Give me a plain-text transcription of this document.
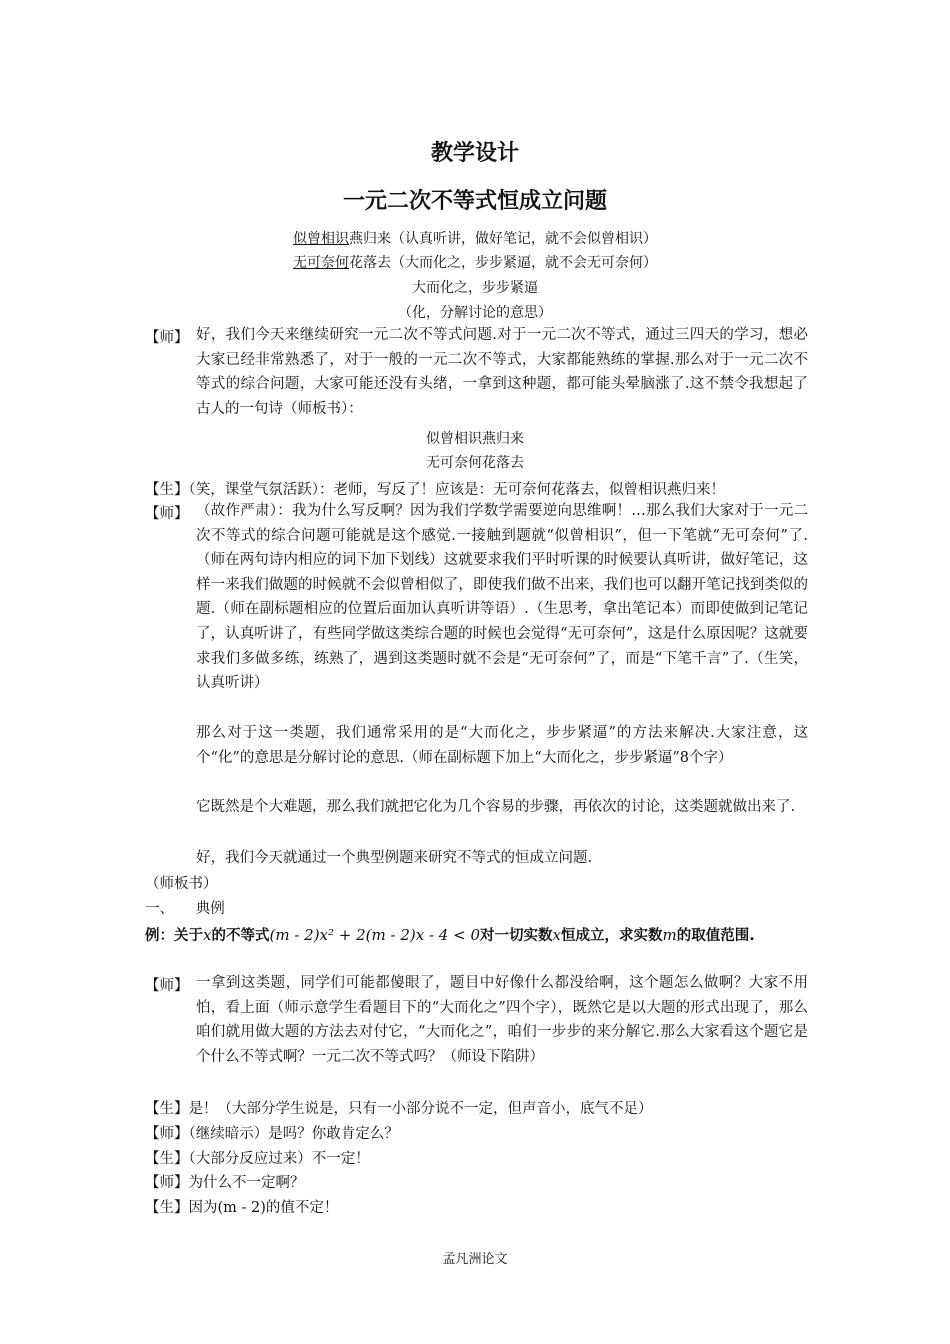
教学设计
一元二次不等式恒成立问题
似曾相识燕归来（认真听讲，做好笔记，就不会似曾相识）
无可奈何花落去（大而化之，步步紧逼，就不会无可奈何）
大而化之，步步紧逼
（化，分解讨论的意思）
【师】 好，我们今天来继续研究一元二次不等式问题.对于一元二次不等式，通过三四天的学习，想必大家已经非常熟悉了，对于一般的一元二次不等式，大家都能熟练的掌握.那么对于一元二次不等式的综合问题，大家可能还没有头绪，一拿到这种题，都可能头晕脑涨了.这不禁令我想起了古人的一句诗（师板书）：
似曾相识燕归来
无可奈何花落去
【生】（笑，课堂气氛活跃）：老师，写反了！应该是：无可奈何花落去，似曾相识燕归来！
【师】 （故作严肃）：我为什么写反啊？因为我们学数学需要逆向思维啊！…那么我们大家对于一元二次不等式的综合问题可能就是这个感觉.一接触到题就“似曾相识”，但一下笔就“无可奈何”了.（师在两句诗内相应的词下加下划线）这就要求我们平时听课的时候要认真听讲，做好笔记，这样一来我们做题的时候就不会似曾相似了，即使我们做不出来，我们也可以翻开笔记找到类似的题.（师在副标题相应的位置后面加认真听讲等语）.（生思考，拿出笔记本）而即使做到记笔记了，认真听讲了，有些同学做这类综合题的时候也会觉得“无可奈何”，这是什么原因呢？这就要求我们多做多练，练熟了，遇到这类题时就不会是“无可奈何”了，而是“下笔千言”了.（生笑，认真听讲）
那么对于这一类题，我们通常采用的是“大而化之，步步紧逼”的方法来解决.大家注意，这个“化”的意思是分解讨论的意思.（师在副标题下加上“大而化之，步步紧逼”8个字）
它既然是个大难题，那么我们就把它化为几个容易的步骤，再依次的讨论，这类题就做出来了.
好，我们今天就通过一个典型例题来研究不等式的恒成立问题.
（师板书）
一、　　典例
例：关于x的不等式(m - 2)x² + 2(m - 2)x - 4 < 0对一切实数x恒成立，求实数m的取值范围.
【师】 一拿到这类题，同学们可能都傻眼了，题目中好像什么都没给啊，这个题怎么做啊？大家不用怕，看上面（师示意学生看题目下的“大而化之”四个字），既然它是以大题的形式出现了，那么咱们就用做大题的方法去对付它，“大而化之”，咱们一步步的来分解它.那么大家看这个题它是个什么不等式啊？一元二次不等式吗？（师设下陷阱）
【生】是！（大部分学生说是，只有一小部分说不一定，但声音小，底气不足）
【师】（继续暗示）是吗？你敢肯定么？
【生】（大部分反应过来）不一定！
【师】为什么不一定啊？
【生】因为(m - 2)的值不定！
孟凡洲论文
